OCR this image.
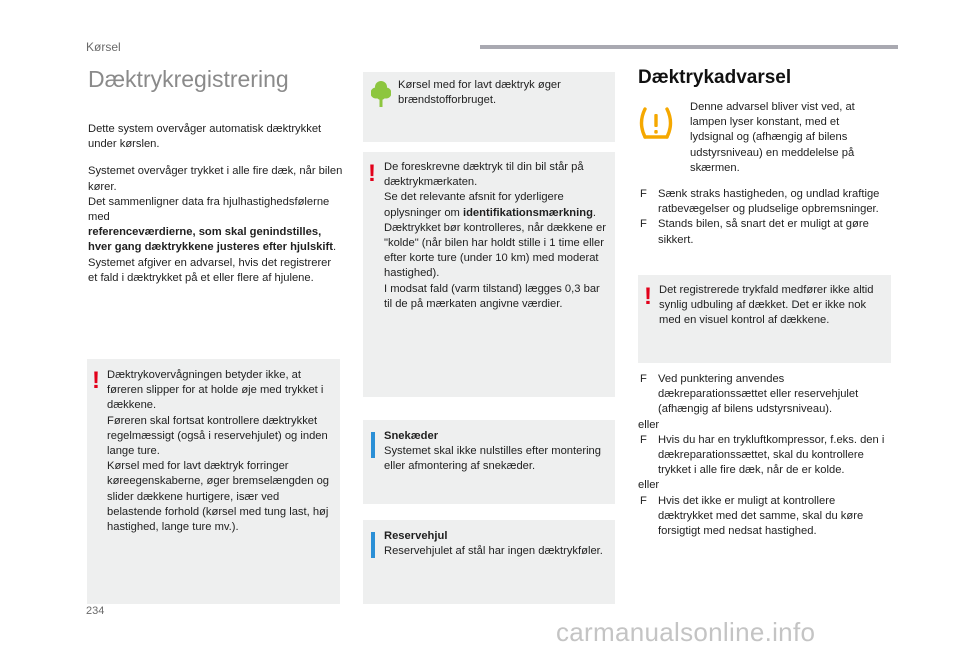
Kørsel
Dæktrykregistrering

Dette system overvåger automatisk dæktrykket under kørslen.

Systemet overvåger trykket i alle fire dæk, når bilen kører.

Det sammenligner data fra hjulhastighedsfølerne med

referenceværdierne, som skal genindstilles, hver gang dæktrykkene justeres efter hjulskift.

Systemet afgiver en advarsel, hvis det registrerer et fald i dæktrykket på et eller flere af hjulene.

! Dæktrykovervågningen betyder ikke, at føreren slipper for at holde øje med trykket i dækkene.

Føreren skal fortsat kontrollere dæktrykket regelmæssigt (også i reservehjulet) og inden lange ture.

Kørsel med for lavt dæktryk forringer køreegenskaberne, øger bremselængden og slider dækkene hurtigere, især ved belastende forhold (kørsel med tung last, høj hastighed, lange ture mv.).

Kørsel med for lavt dæktryk øger brændstofforbruget.

! De foreskrevne dæktryk til din bil står på dæktrykmærkaten.

Se det relevante afsnit for yderligere oplysninger om identifikationsmærkning.

Dæktrykket bør kontrolleres, når dækkene er "kolde" (når bilen har holdt stille i 1 time eller efter korte ture (under 10 km) med moderat hastighed).

I modsat fald (varm tilstand) lægges 0,3 bar til de på mærkaten angivne værdier.

Snekæder

Systemet skal ikke nulstilles efter montering eller afmontering af snekæder.

Reservehjul

Reservehjulet af stål har ingen dæktrykføler.

Dæktrykadvarsel

Denne advarsel bliver vist ved, at lampen lyser konstant, med et lydsignal og (afhængig af bilens udstyrsniveau) en meddelelse på skærmen.

F Sænk straks hastigheden, og undlad kraftige ratbevægelser og pludselige opbremsninger.
F Stands bilen, så snart det er muligt at gøre sikkert.
! Det registrerede trykfald medfører ikke altid synlig udbuling af dækket. Det er ikke nok med en visuel kontrol af dækkene.

F Ved punktering anvendes dækreparationssættet eller reservehjulet (afhængig af bilens udstyrsniveau).

eller

F Hvis du har en trykluftkompressor, f.eks. den i dækreparationssættet, skal du kontrollere trykket i alle fire dæk, når de er kolde.

eller

F Hvis det ikke er muligt at kontrollere dæktrykket med det samme, skal du køre forsigtigt med nedsat hastighed.
234
carmanualsonline.info
